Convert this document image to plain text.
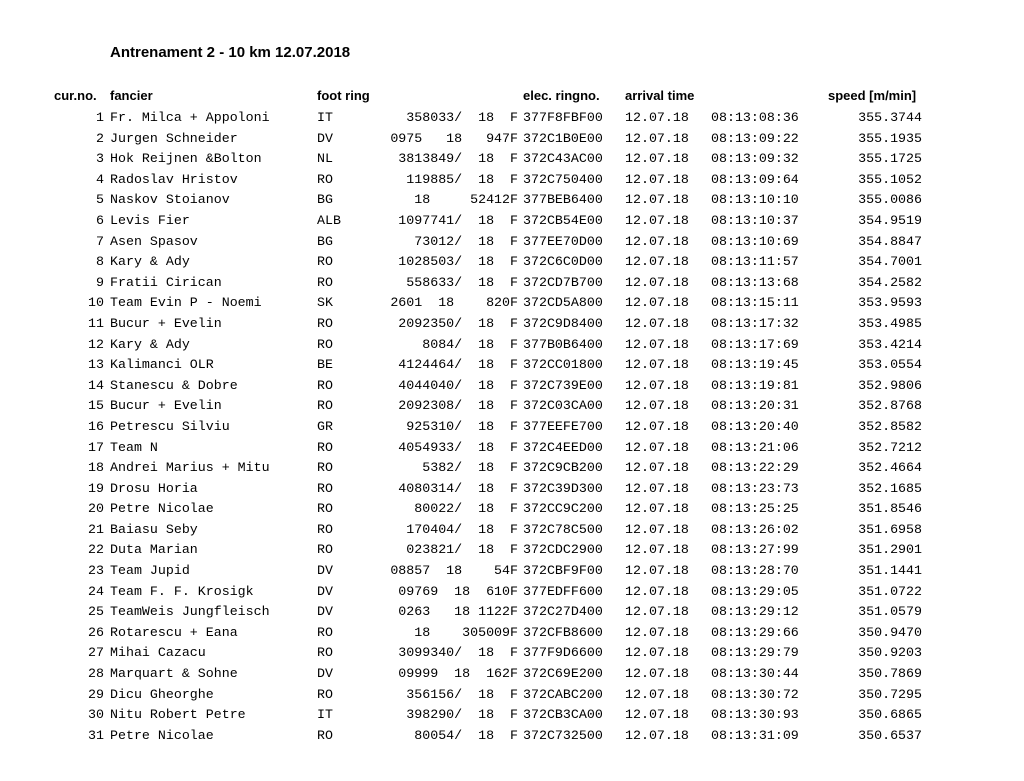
Antrenament 2 - 10 km 12.07.2018
cur.no. fancier	foot ring	elec. ringno. arrival time	speed [m/min]
1 Fr. Milca + Appoloni	IT	358033/  18  F 377F8FBF00 12.07.18 08:13:08:36	355.3744
2 Jurgen Schneider	DV	0975   18   947F 372C1B0E00 12.07.18 08:13:09:22	355.1935
3 Hok Reijnen &Bolton	NL	3813849/  18  F 372C43AC00 12.07.18 08:13:09:32	355.1725
4 Radoslav Hristov	RO	119885/  18  F 372C750400 12.07.18 08:13:09:64	355.1052
5 Naskov Stoianov	BG	18     52412F 377BEB6400 12.07.18 08:13:10:10	355.0086
6 Levis Fier	ALB	1097741/  18  F 372CB54E00 12.07.18 08:13:10:37	354.9519
7 Asen Spasov	BG	73012/  18  F 377EE70D00 12.07.18 08:13:10:69	354.8847
8 Kary & Ady	RO	1028503/  18  F 372C6C0D00 12.07.18 08:13:11:57	354.7001
9 Fratii Cirican	RO	558633/  18  F 372CD7B700 12.07.18 08:13:13:68	354.2582
10 Team Evin P - Noemi	SK	2601  18    820F 372CD5A800 12.07.18 08:13:15:11	353.9593
11 Bucur + Evelin	RO	2092350/  18  F 372C9D8400 12.07.18 08:13:17:32	353.4985
12 Kary & Ady	RO	8084/  18  F 377B0B6400 12.07.18 08:13:17:69	353.4214
13 Kalimanci OLR	BE	4124464/  18  F 372CC01800 12.07.18 08:13:19:45	353.0554
14 Stanescu & Dobre	RO	4044040/  18  F 372C739E00 12.07.18 08:13:19:81	352.9806
15 Bucur + Evelin	RO	2092308/  18  F 372C03CA00 12.07.18 08:13:20:31	352.8768
16 Petrescu Silviu	GR	925310/  18  F 377EEFE700 12.07.18 08:13:20:40	352.8582
17 Team N	RO	4054933/  18  F 372C4EED00 12.07.18 08:13:21:06	352.7212
18 Andrei Marius + Mitu	RO	5382/  18  F 372C9CB200 12.07.18 08:13:22:29	352.4664
19 Drosu Horia	RO	4080314/  18  F 372C39D300 12.07.18 08:13:23:73	352.1685
20 Petre Nicolae	RO	80022/  18  F 372CC9C200 12.07.18 08:13:25:25	351.8546
21 Baiasu Seby	RO	170404/  18  F 372C78C500 12.07.18 08:13:26:02	351.6958
22 Duta Marian	RO	023821/  18  F 372CDC2900 12.07.18 08:13:27:99	351.2901
23 Team Jupid	DV	08857  18    54F 372CBF9F00 12.07.18 08:13:28:70	351.1441
24 Team F. F. Krosigk	DV	09769  18  610F 377EDFF600 12.07.18 08:13:29:05	351.0722
25 TeamWeis Jungfleisch	DV	0263   18 1122F 372C27D400 12.07.18 08:13:29:12	351.0579
26 Rotarescu + Eana	RO	18    305009F 372CFB8600 12.07.18 08:13:29:66	350.9470
27 Mihai Cazacu	RO	3099340/  18  F 377F9D6600 12.07.18 08:13:29:79	350.9203
28 Marquart & Sohne	DV	09999  18  162F 372C69E200 12.07.18 08:13:30:44	350.7869
29 Dicu Gheorghe	RO	356156/  18  F 372CABC200 12.07.18 08:13:30:72	350.7295
30 Nitu Robert Petre	IT	398290/  18  F 372CB3CA00 12.07.18 08:13:30:93	350.6865
31 Petre Nicolae	RO	80054/  18  F 372C732500 12.07.18 08:13:31:09	350.6537
